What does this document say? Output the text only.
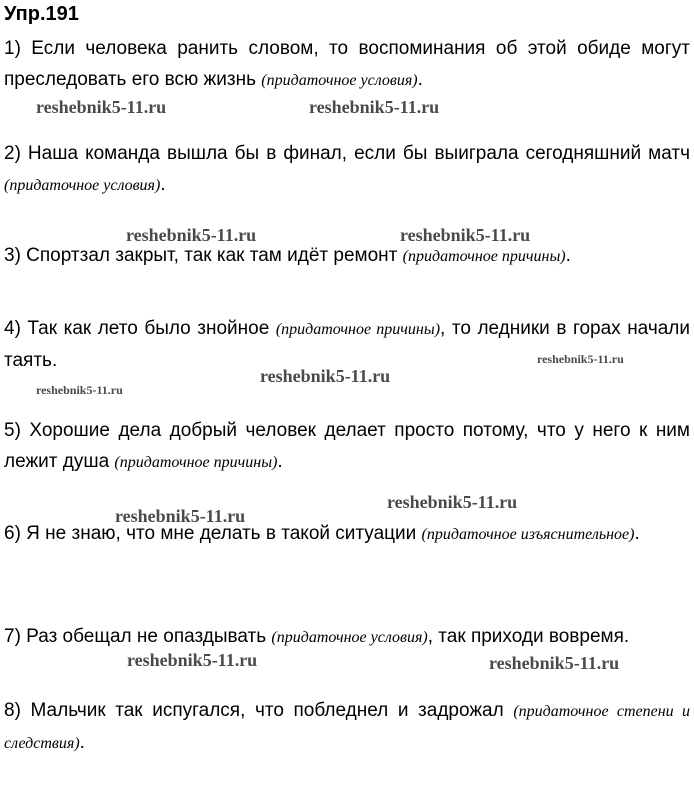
Упр.191
1) Если человека ранить словом, то воспоминания об этой обиде могут преследовать его всю жизнь (придаточное условия).
2) Наша команда вышла бы в финал, если бы выиграла сегодняшний матч (придаточное условия).
3) Спортзал закрыт, так как там идёт ремонт (придаточное причины).
4) Так как лето было знойное (придаточное причины), то ледники в горах начали таять.
5) Хорошие дела добрый человек делает просто потому, что у него к ним лежит душа (придаточное причины).
6) Я не знаю, что мне делать в такой ситуации (придаточное изъяснительное).
7) Раз обещал не опаздывать (придаточное условия), так приходи вовремя.
8) Мальчик так испугался, что побледнел и задрожал (придаточное степени и следствия).
reshebnik5-11.ru	reshebnik5-11.ru
reshebnik5-11.ru	reshebnik5-11.ru
reshebnik5-11.ru
reshebnik5-11.ru
reshebnik5-11.ru
reshebnik5-11.ru
reshebnik5-11.ru
reshebnik5-11.ru	reshebnik5-11.ru
